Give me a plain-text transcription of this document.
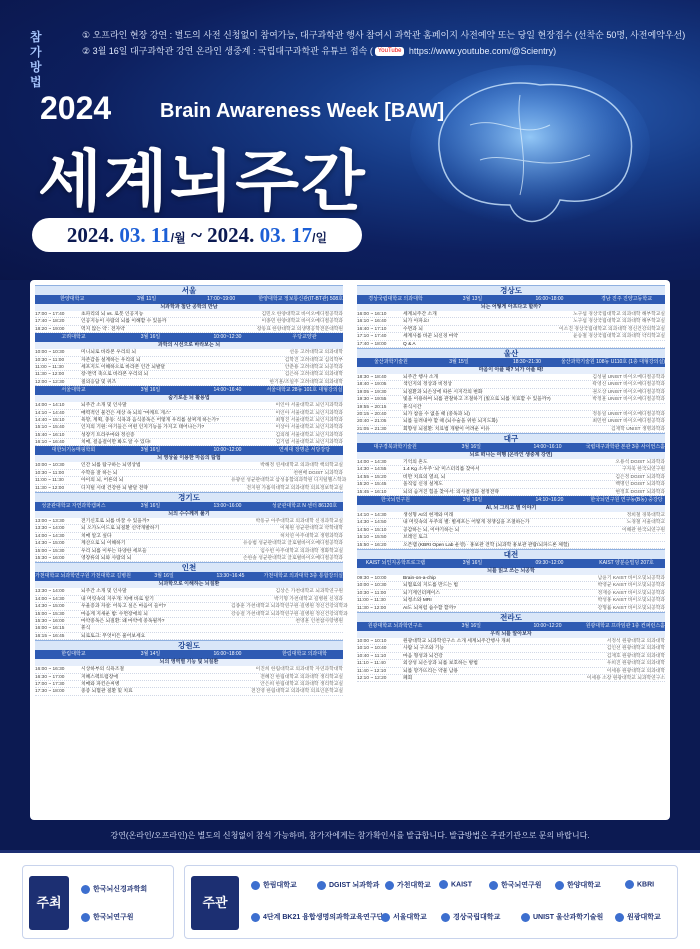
참가방법
① 오프라인 현장 강연 : 별도의 사전 신청없이 참여가능, 대구과학관 행사 참여시 과학관 홈페이지 사전예약 또는 당일 현장접수 (선착순 50명, 사전예약우선)
② 3월 16일 대구과학관 강연 온라인 생중계 : 국립대구과학관 유튜브 접속 ( YouTube https://www.youtube.com/@Scientry)
2024 Brain Awareness Week [BAW]
세계뇌주간
2024. 03. 11/월 ~ 2024. 03. 17/일
서울
한양대학교	3월 11일	17:00~19:00	한양대학교 정보통신관(IT-BT관) 508호
뇌과학과 첨단 공학의 만남
17:00 ~ 17:40	초파리의 뇌 vs. 로봇 인공지능	김민오 한양대학교 바이오메디컬공학과
17:40 ~ 18:20	인공지능이 사람의 뇌를 이해할 수 있을까	이종민 한양대학교 바이오메디컬공학과
18:20 ~ 19:00	먹지 않는 약 : 전자약	장동표 한양대학교 의생명공학전문대학원
고려대학교	3월 16일	10:00~12:30	우당교양관
과학의 시선으로 바라보는 뇌
10:00 ~ 10:30	미니뇌로 바라본 우리의 뇌	선웅 고려대학교 의과대학
10:30 ~ 11:00	자존감을 설계하는 우리의 뇌	김학진 고려대학교 심리학부
11:00 ~ 11:30	세포지도 이해하으로 바라본 인간 뇌발달	안춘용 고려대학교 뇌공학과
11:30 ~ 12:00	장-면역 축으로 바라본 우리의 뇌	김은하 고려대학교 의과대학
12:00 ~ 12:30	질의응답 및 퀴즈	한기훈/조일주 고려대학교 의과대학
서울대학교	3월 16일	14:00~16:40	서울대학교 28동 101호 대형강의실
숨기로운 뇌 활용법
14:00 ~ 14:10	뇌주간 소개 및 인사말	이인아 서울대학교 뇌인지과학과
14:10 ~ 14:40	매력적인 물건은 세상 속 뇌의 "마캐트 게스"	이인아 서울대학교 뇌인지과학과
14:40 ~ 15:10	욕망, 계획, 충동: 식욕과 음식중독은 어떻게 우리를 살찌게 하는가?	최형진 서울대학교 뇌인지과학과
15:10 ~ 15:40	인지의 기원: 아기들은 어떤 인지기능을 가지고 태어나는가?	이상아 서울대학교 뇌인지과학과
15:40 ~ 16:10	성장기 트라우마와 정신증	김의래 서울대학교 뇌인지과학과
16:10 ~ 16:40	치매, 걸음걸이만 봐도 알 수 있다!	김기범 서울대학교 뇌인지과학과
대한뇌기능매핑학회	3월 16일	10:00~12:00	연세대 장명준 서당강당
뇌 영상을 이용한 마음의 탐험
10:00 ~ 10:30	인간 뇌를 탐구하는 뇌영상법	박해정 연세대학교 의과대학 핵의학교실
10:30 ~ 11:00	수학을 잘 하는 뇌	천현배 DGIST 뇌과학과
11:00 ~ 11:30	아이의 뇌, 어른의 뇌	유광선 성균관대학교 삼성융합의과학원 디지털헬스학과
11:30 ~ 12:00	디지털 시대 건강한 뇌 발달 전략	전지원 가톨릭대학교 의과대학 의료정보학교실
경기도
성균관대학교 자연과학캠퍼스	3월 16일	13:00~16:00	성균관대학교 N 센터 86120호
뇌의 수수께끼 풀기
13:00 ~ 13:30	전기신호로 뇌를 바꿀 수 있을까?	박동규 아주대학교 의과대학 신경과학교실
13:30 ~ 14:00	뇌 오가노이드로 뇌질환 신약개발하기	이제원 성균관대학교 약학대학
14:00 ~ 14:30	치매 알고 싶다	허치연 아주대학교 생명과학과
14:30 ~ 15:00	계산으로 뇌 이해하기	유승범 성균관대학교 글로벌바이오메디컬공학과
15:00 ~ 15:30	우리 뇌를 이루는 다양한 세포들	임수빈 아주대학교 의과대학 생화학교실
15:30 ~ 16:00	영장류의 뇌와 사람의 뇌	손한솔 성균관대학교 글로벌바이오메디컬공학과
인천
가천대학교 뇌과학연구원 가천대학교 길병원	3월 16일	13:30~16:45	가천대학교 의과대학 3층 통합강의실
뇌과학으로 이해하는 뇌질환
13:30 ~ 14:00	뇌주간 소개 및 인사말	김상은 가천대학교 뇌과학연구원
14:00 ~ 14:30	내 머릿속의 지우개: 치매 바로 알기	박기형 가천대학교 길병원 신경과
14:30 ~ 15:00	우울증과 자살: 어둑고 싶은 마음이 들어?	김종훈 가천대학교 뇌과학연구원·길병원 정신건강의학과
15:00 ~ 15:30	마음계 지새운 밤: 수면장애의 뇌	강승걸 가천대학교 뇌과학연구원·길병원 정신건강의학과
15:30 ~ 16:00	마약중독은 뇌질환: 왜 마약에 중독될까?	천영훈 인천참사랑병원
16:00 ~ 16:15	휴식
16:15 ~ 16:45	뇌로토크: 무엇이든 물어보세요
강원도
한림대학교	3월 14일	16:00~18:00	한림대학교 의과대학
뇌의 영역별 기능 및 뇌질환
16:00 ~ 16:30	시상하부의 식욕조절	이진희 한림대학교 의과대학 자연과학대학
16:30 ~ 17:00	지혜스펙트럼장애	전혜진 한림대학교 의과대학 생리학교실
17:00 ~ 17:30	치매와 파킨슨씨병	안은희 한림대학교 의과대학 생리학교실
17:30 ~ 18:00	중증 뇌혈관 질환 및 치료	전진영 한림대학교 의과대학 의료인문학교실
경상도
경상국립대학교 의과대학	3월 13일	16:00~18:00	경남 진주 진양고등학교
뇌는 어떻게 아프다고 할까?
16:00 ~ 16:10	세계뇌주간 소개	노구섭 경상국립대학교 의과대학 해부학교실
16:10 ~ 16:40	뇌가 아파요!	노구섭 경상국립대학교 의과대학 해부학교실
16:40 ~ 17:10	수면과 뇌	이소진 경상국립대학교 의과대학 정신건강의학교실
17:10 ~ 17:40	세계사를 바꾼 뇌신경 마약	윤승철 경상국립대학교 의과대학 약리학교실
17:40 ~ 18:00	Q & A
울산
울산과학기술원	3월 15일	18:30~21:30	울산과학기술원 108동 U110호 (1층 대형강의실)
마음이 아플 때? 뇌가 아플 때!
18:30 ~ 18:40	뇌주간 행사 소개	김성필 UNIST 바이오메디컬공학과
18:40 ~ 19:05	색인지의 정상과 비정상	곽영신 UNIST 바이오메디컬공학과
19:05 ~ 19:30	뇌질환과 뇌손상에 따른 시지각의 변화	권오상 UNIST 바이오메디컬공학과
19:30 ~ 19:55	빛을 이용하여 뇌를 관찰하고 조절하기 (빛으로 뇌를 치료할 수 있을까?)	박정훈 UNIST 바이오메디컬공학과
19:55 ~ 20:15	휴식시간
20:15 ~ 20:40	뇌가 참을 수 없을 때 (중독과 뇌)	정동일 UNIST 바이오메디컬공학과
20:40 ~ 21:05	뇌를 들려내야 할 때 (뇌수술을 위한 뇌지도화)	최민헌 UNIST 바이오메디컬공학과
21:05 ~ 21:30	회향성 뇌질환: 치료법 개발이 어려운 이유	김재학 UNIST 생명과학과
대구
대구경북과학기술원	3월 16일	14:00~16:10	국립대구과학관 본관 3층 사이언스홀
뇌로 떠나는 여행 (온라인 생중계 강연)
14:00 ~ 14:30	기억의 흔도	오용석 DGIST 뇌과학과
14:30 ~ 14:55	1.4 Kg 소우주 '뇌' 미스터리를 찾아서	구자욱 한국뇌연구원
14:55 ~ 15:20	비만 치료의 열쇠, 뇌	김은정 DGIST 뇌과학과
15:20 ~ 15:45	올직임 신경 설계도	백명인 DGIST 뇌과학과
15:45 ~ 16:10	뇌의 숨겨진 힘을 찾아서: 의사결정과 결정전략	현정호 DGIST 뇌과학과
한국뇌연구원	3월 16일	14:10~16:20	한국뇌연구원 연구동(B동) 중강당
AI, 뇌 그리고 별 이야기
14:10 ~ 14:30	생성형 AI의 현재와 미래	정희철 경북대학교
14:30 ~ 14:50	내 머릿속의 우주의 별: 별세포는 어떻게 경쟁심을 조절하는가	노경철 서울대학교
14:50 ~ 15:10	공감하는 뇌, 이야기하는 뇌	이해관 한국뇌연구원
15:10 ~ 15:50	브레인 토크
15:50 ~ 16:20	오픈랩 (KBRI Open Lab 운영) · 홍보관 견학 (뇌과학 홍보관 관람/뇌파드론 체험)
대전
KAIST 뇌인지공학프로그램	3월 16일	09:30~12:00	KAIST 양분순빌딩 207호
뇌를 읽고 쓰는 뇌공학
09:30 ~ 10:00	Brain-on-a-chip	남윤기 KAIST 바이오및뇌공학과
10:00 ~ 10:30	뇌혈로의 지도를 만드는 법	박영균 KAIST 바이오및뇌공학과
10:30 ~ 11:00	뇌기계인터페이스	정재승 KAIST 바이오및뇌공학과
11:00 ~ 11:30	뇌청소와 MRI	박성홍 KAIST 바이오및뇌공학과
11:30 ~ 12:00	AI도 뇌처럼 습수할 할까?	강형률 KAIST 바이오및뇌공학과
전라도
원광대학교 뇌과학연구소	3월 16일	10:00~12:20	원광대학교 프라임관 1층 컨퍼런스홀
우리 뇌를 알아보자
10:00 ~ 10:10	원광대학교 뇌과학연구소 소개 세계뇌주간행사 개최	서정석 원광대학교 의과대학
10:10 ~ 10:40	사람 뇌 구조와 기능	김인선 원광대학교 의과대학
10:40 ~ 11:10	마음 형성과 뇌건강	김재호 원광대학교 의과대학
11:10 ~ 11:40	외상성 뇌손상과 뇌를 보호하는 방법	우희진 원광대학교 의과대학
11:40 ~ 12:10	뇌를 망가뜨리는 약물 남용	이세용 원광대학교 의과대학
12:10 ~ 12:20	폐회	이세용 소장 원광대학교 뇌과학연구소
강연(온라인/오프라인)은 별도의 신청없이 참석 가능하며, 참가자에게는 참가확인서를 발급합니다. 발급방법은 주관기관으로 문의 바랍니다.
주최
한국뇌신경과학회
한국뇌연구원
주관
한림대학교	DGIST 뇌과학과	가천대학교	KAIST	한국뇌연구원	한양대학교	KBRI
4단계 BK21 융합생명의과학교육연구단	서울대학교	경상국립대학교	UNIST 울산과학기술원	원광대학교
